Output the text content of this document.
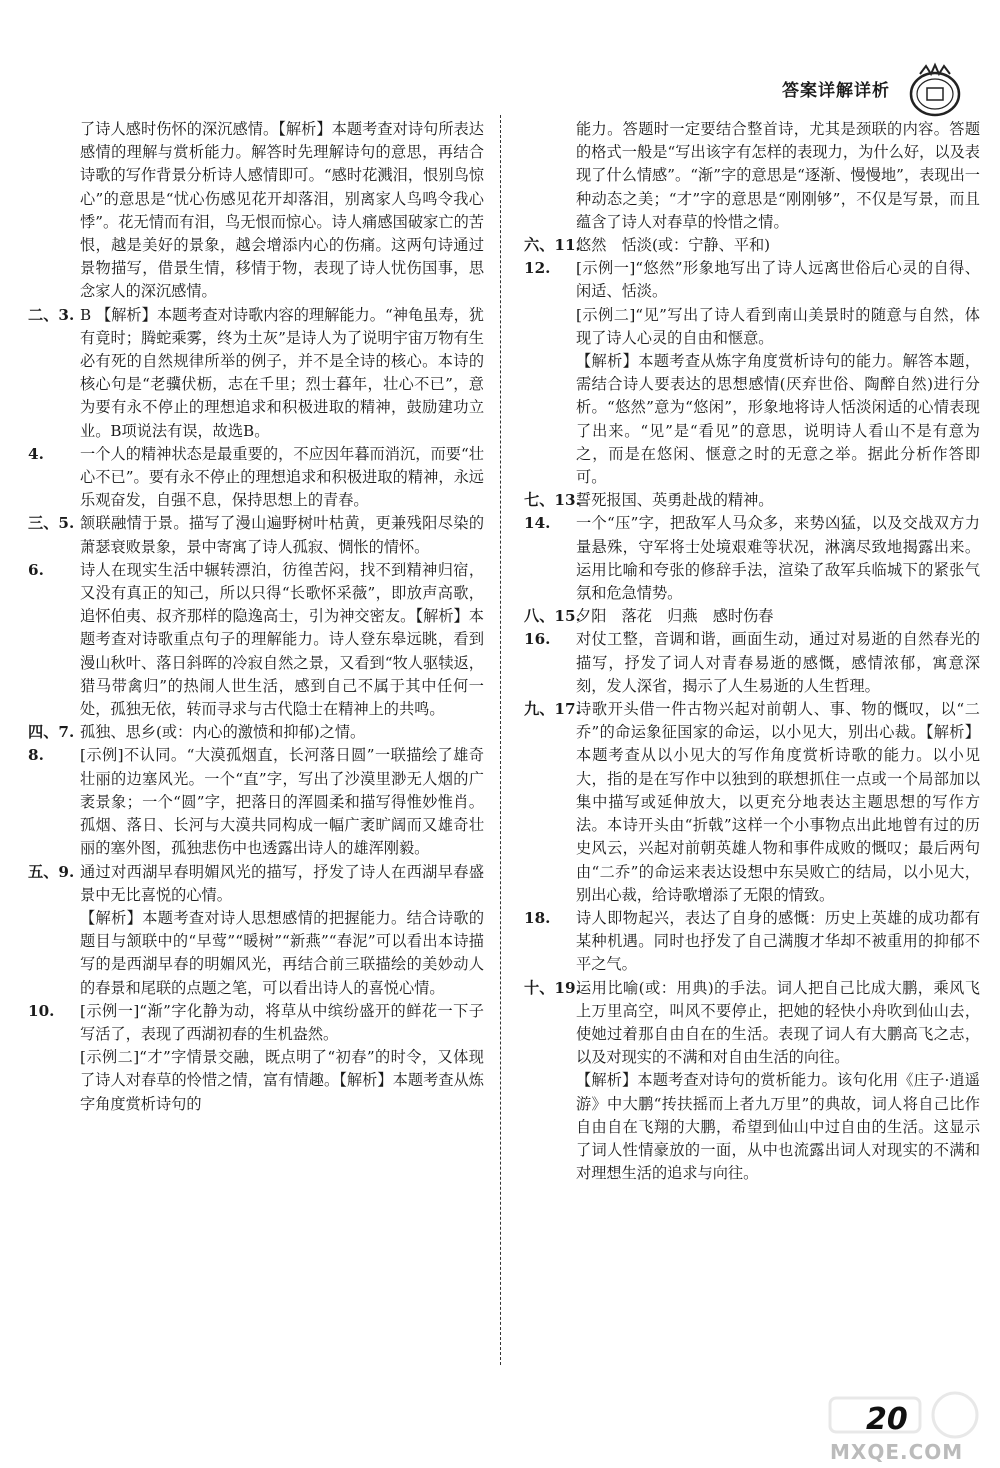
答案详解详析
了诗人感时伤怀的深沉感情。【解析】本题考查对诗句所表达感情的理解与赏析能力。解答时先理解诗句的意思，再结合诗歌的写作背景分析诗人感情即可。“感时花溅泪，恨别鸟惊心”的意思是“忧心伤感见花开却落泪，别离家人鸟鸣令我心悸”。花无情而有泪，鸟无恨而惊心。诗人痛感国破家亡的苦恨，越是美好的景象，越会增添内心的伤痛。这两句诗通过景物描写，借景生情，移情于物，表现了诗人忧伤国事，思念家人的深沉感情。
二、3. B 【解析】本题考查对诗歌内容的理解能力。“神龟虽寿，犹有竟时；腾蛇乘雾，终为土灰”是诗人为了说明宇宙万物有生必有死的自然规律所举的例子，并不是全诗的核心。本诗的核心句是“老骥伏枥，志在千里；烈士暮年，壮心不已”，意为要有永不停止的理想追求和积极进取的精神，鼓励建功立业。B项说法有误，故选B。
4.	一个人的精神状态是最重要的，不应因年暮而消沉，而要“壮心不已”。要有永不停止的理想追求和积极进取的精神，永远乐观奋发，自强不息，保持思想上的青春。
三、5. 颔联融情于景。描写了漫山遍野树叶枯黄，更兼残阳尽染的萧瑟衰败景象，景中寄寓了诗人孤寂、惆怅的情怀。
6.	诗人在现实生活中辗转漂泊，彷徨苦闷，找不到精神归宿，又没有真正的知己，所以只得“长歌怀采薇”，即放声高歌，追怀伯夷、叔齐那样的隐逸高士，引为神交密友。【解析】本题考查对诗歌重点句子的理解能力。诗人登东皋远眺，看到漫山秋叶、落日斜晖的冷寂自然之景，又看到“牧人驱犊返，猎马带禽归”的热闹人世生活，感到自己不属于其中任何一处，孤独无依，转而寻求与古代隐士在精神上的共鸣。
四、7. 孤独、思乡(或：内心的激愤和抑郁)之情。
8.	[示例]不认同。“大漠孤烟直，长河落日圆”一联描绘了雄奇壮丽的边塞风光。一个“直”字，写出了沙漠里渺无人烟的广袤景象；一个“圆”字，把落日的浑圆柔和描写得惟妙惟肖。孤烟、落日、长河与大漠共同构成一幅广袤旷阔而又雄奇壮丽的塞外图，孤独悲伤中也透露出诗人的雄浑刚毅。
五、9. 通过对西湖早春明媚风光的描写，抒发了诗人在西湖早春盛景中无比喜悦的心情。
【解析】本题考查对诗人思想感情的把握能力。结合诗歌的题目与颔联中的“早莺”“暖树”“新燕”“春泥”可以看出本诗描写的是西湖早春的明媚风光，再结合前三联描绘的美妙动人的春景和尾联的点题之笔，可以看出诗人的喜悦心情。
10.	[示例一]“渐”字化静为动，将草从中缤纷盛开的鲜花一下子写活了，表现了西湖初春的生机盎然。
[示例二]“才”字情景交融，既点明了“初春”的时令，又体现了诗人对春草的怜惜之情，富有情趣。【解析】本题考查从炼字角度赏析诗句的
能力。答题时一定要结合整首诗，尤其是颈联的内容。答题的格式一般是“写出该字有怎样的表现力，为什么好，以及表现了什么情感”。“渐”字的意思是“逐渐、慢慢地”，表现出一种动态之美；“才”字的意思是“刚刚够”，不仅是写景，而且蕴含了诗人对春草的怜惜之情。
六、11.
悠然　恬淡(或：宁静、平和)
12.	[示例一]“悠然”形象地写出了诗人远离世俗后心灵的自得、闲适、恬淡。
[示例二]“见”写出了诗人看到南山美景时的随意与自然，体现了诗人心灵的自由和惬意。
【解析】本题考查从炼字角度赏析诗句的能力。解答本题，需结合诗人要表达的思想感情(厌弃世俗、陶醉自然)进行分析。“悠然”意为“悠闲”，形象地将诗人恬淡闲适的心情表现了出来。“见”是“看见”的意思，说明诗人看山不是有意为之，而是在悠闲、惬意之时的无意之举。据此分析作答即可。
七、13.
誓死报国、英勇赴战的精神。
14.	一个“压”字，把敌军人马众多，来势凶猛，以及交战双方力量悬殊，守军将士处境艰难等状况，淋漓尽致地揭露出来。运用比喻和夸张的修辞手法，渲染了敌军兵临城下的紧张气氛和危急情势。
八、15.
夕阳　落花　归燕　感时伤春
16.	对仗工整，音调和谐，画面生动，通过对易逝的自然春光的描写，抒发了词人对青春易逝的感慨，感情浓郁，寓意深刻，发人深省，揭示了人生易逝的人生哲理。
九、17.
诗歌开头借一件古物兴起对前朝人、事、物的慨叹，以“二乔”的命运象征国家的命运，以小见大，别出心裁。【解析】本题考查从以小见大的写作角度赏析诗歌的能力。以小见大，指的是在写作中以独到的联想抓住一点或一个局部加以集中描写或延伸放大，以更充分地表达主题思想的写作方法。本诗开头由“折戟”这样一个小事物点出此地曾有过的历史风云，兴起对前朝英雄人物和事件成败的慨叹；最后两句由“二乔”的命运来表达设想中东吴败亡的结局，以小见大，别出心裁，给诗歌增添了无限的情致。
18.	诗人即物起兴，表达了自身的感慨：历史上英雄的成功都有某种机遇。同时也抒发了自己满腹才华却不被重用的抑郁不平之气。
十、19.
运用比喻(或：用典)的手法。词人把自己比成大鹏，乘风飞上万里高空，叫风不要停止，把她的轻快小舟吹到仙山去，使她过着那自由自在的生活。表现了词人有大鹏高飞之志，以及对现实的不满和对自由生活的向往。
【解析】本题考查对诗句的赏析能力。该句化用《庄子·逍遥游》中大鹏“抟扶摇而上者九万里”的典故，词人将自己比作自由自在飞翔的大鹏，希望到仙山中过自由的生活。这显示了词人性情豪放的一面，从中也流露出词人对现实的不满和对理想生活的追求与向往。
20
MXQE.COM
